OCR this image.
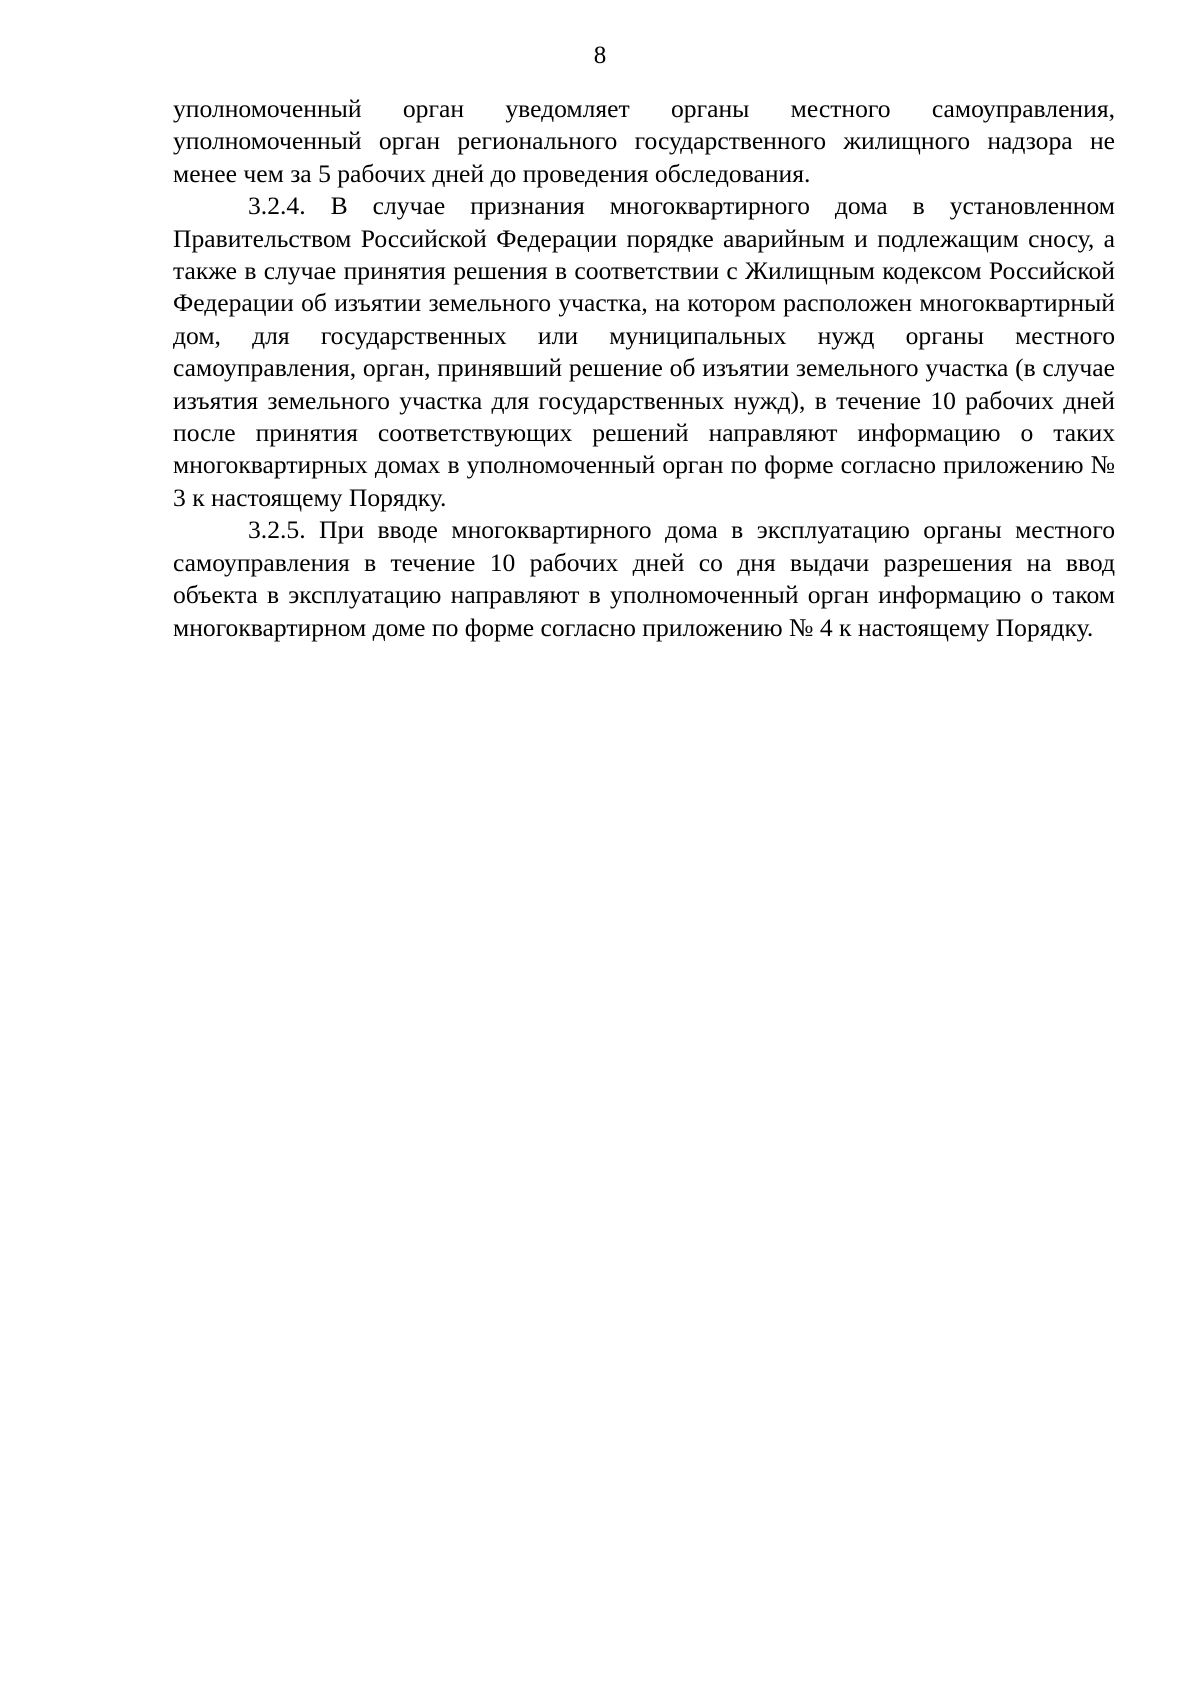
8

уполномоченный орган уведомляет органы местного самоуправления, уполномоченный орган регионального государственного жилищного надзора не менее чем за 5 рабочих дней до проведения обследования.

3.2.4. В случае признания многоквартирного дома в установленном Правительством Российской Федерации порядке аварийным и подлежащим сносу, а также в случае принятия решения в соответствии с Жилищным кодексом Российской Федерации об изъятии земельного участка, на котором расположен многоквартирный дом, для государственных или муниципальных нужд органы местного самоуправления, орган, принявший решение об изъятии земельного участка (в случае изъятия земельного участка для государственных нужд), в течение 10 рабочих дней после принятия соответствующих решений направляют информацию о таких многоквартирных домах в уполномоченный орган по форме согласно приложению № 3 к настоящему Порядку.

3.2.5. При вводе многоквартирного дома в эксплуатацию органы местного самоуправления в течение 10 рабочих дней со дня выдачи разрешения на ввод объекта в эксплуатацию направляют в уполномоченный орган информацию о таком многоквартирном доме по форме согласно приложению № 4 к настоящему Порядку.
